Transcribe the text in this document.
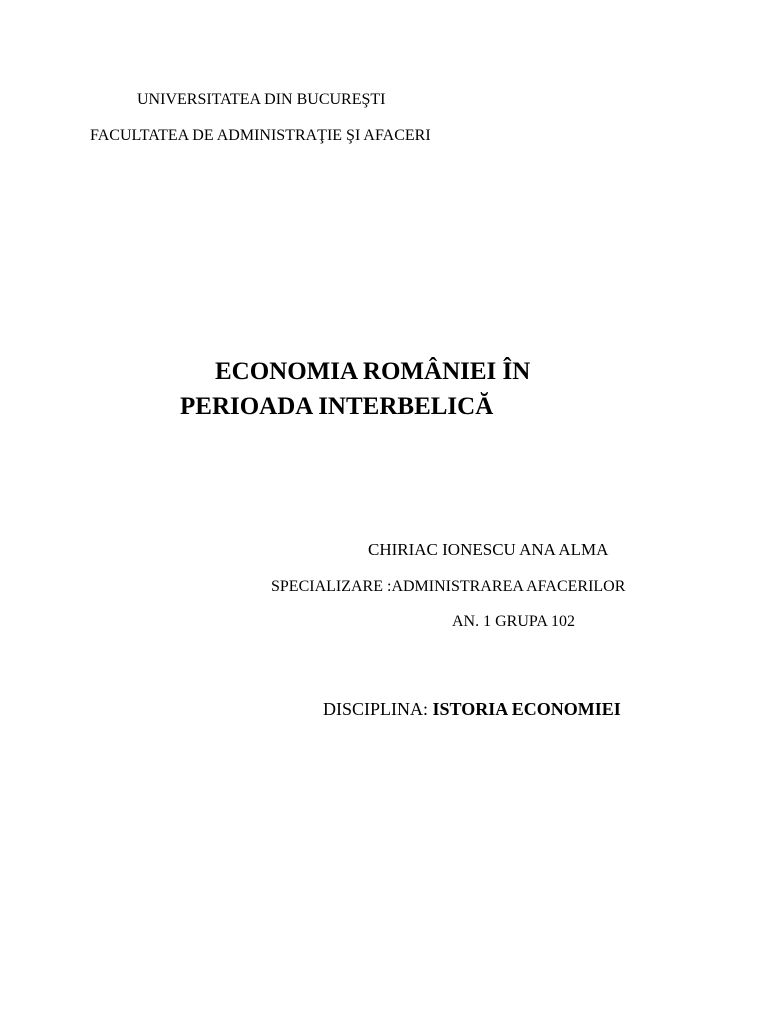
UNIVERSITATEA DIN BUCUREŞTI
FACULTATEA DE ADMINISTRAŢIE ŞI AFACERI
ECONOMIA ROMÂNIEI ÎN
PERIOADA INTERBELICĂ
CHIRIAC IONESCU ANA ALMA
SPECIALIZARE :ADMINISTRAREA AFACERILOR
AN. 1 GRUPA 102
DISCIPLINA: ISTORIA ECONOMIEI
